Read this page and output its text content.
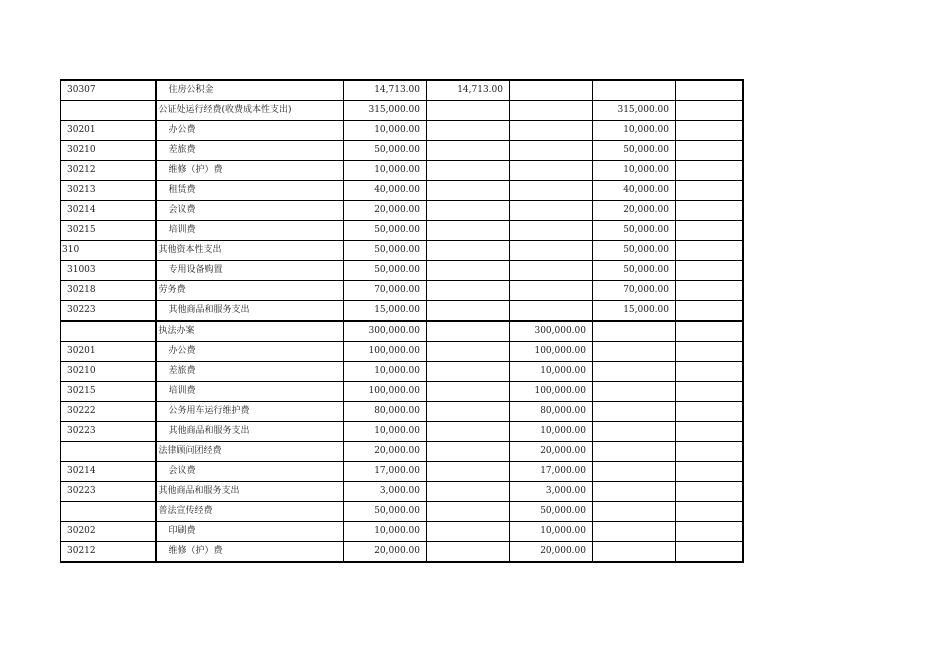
30307	住房公积金	14,713.00	14,713.00			
	公证处运行经费(收费成本性支出)	315,000.00			315,000.00	
30201	办公费	10,000.00			10,000.00	
30210	差旅费	50,000.00			50,000.00	
30212	维修（护）费	10,000.00			10,000.00	
30213	租赁费	40,000.00			40,000.00	
30214	会议费	20,000.00			20,000.00	
30215	培训费	50,000.00			50,000.00	
310	其他资本性支出	50,000.00			50,000.00	
31003	专用设备购置	50,000.00			50,000.00	
30218	劳务费	70,000.00			70,000.00	
30223	其他商品和服务支出	15,000.00			15,000.00	
	执法办案	300,000.00		300,000.00		
30201	办公费	100,000.00		100,000.00		
30210	差旅费	10,000.00		10,000.00		
30215	培训费	100,000.00		100,000.00		
30222	公务用车运行维护费	80,000.00		80,000.00		
30223	其他商品和服务支出	10,000.00		10,000.00		
	法律顾问团经费	20,000.00		20,000.00		
30214	会议费	17,000.00		17,000.00		
30223	其他商品和服务支出	3,000.00		3,000.00		
	普法宣传经费	50,000.00		50,000.00		
30202	印刷费	10,000.00		10,000.00		
30212	维修（护）费	20,000.00		20,000.00		
